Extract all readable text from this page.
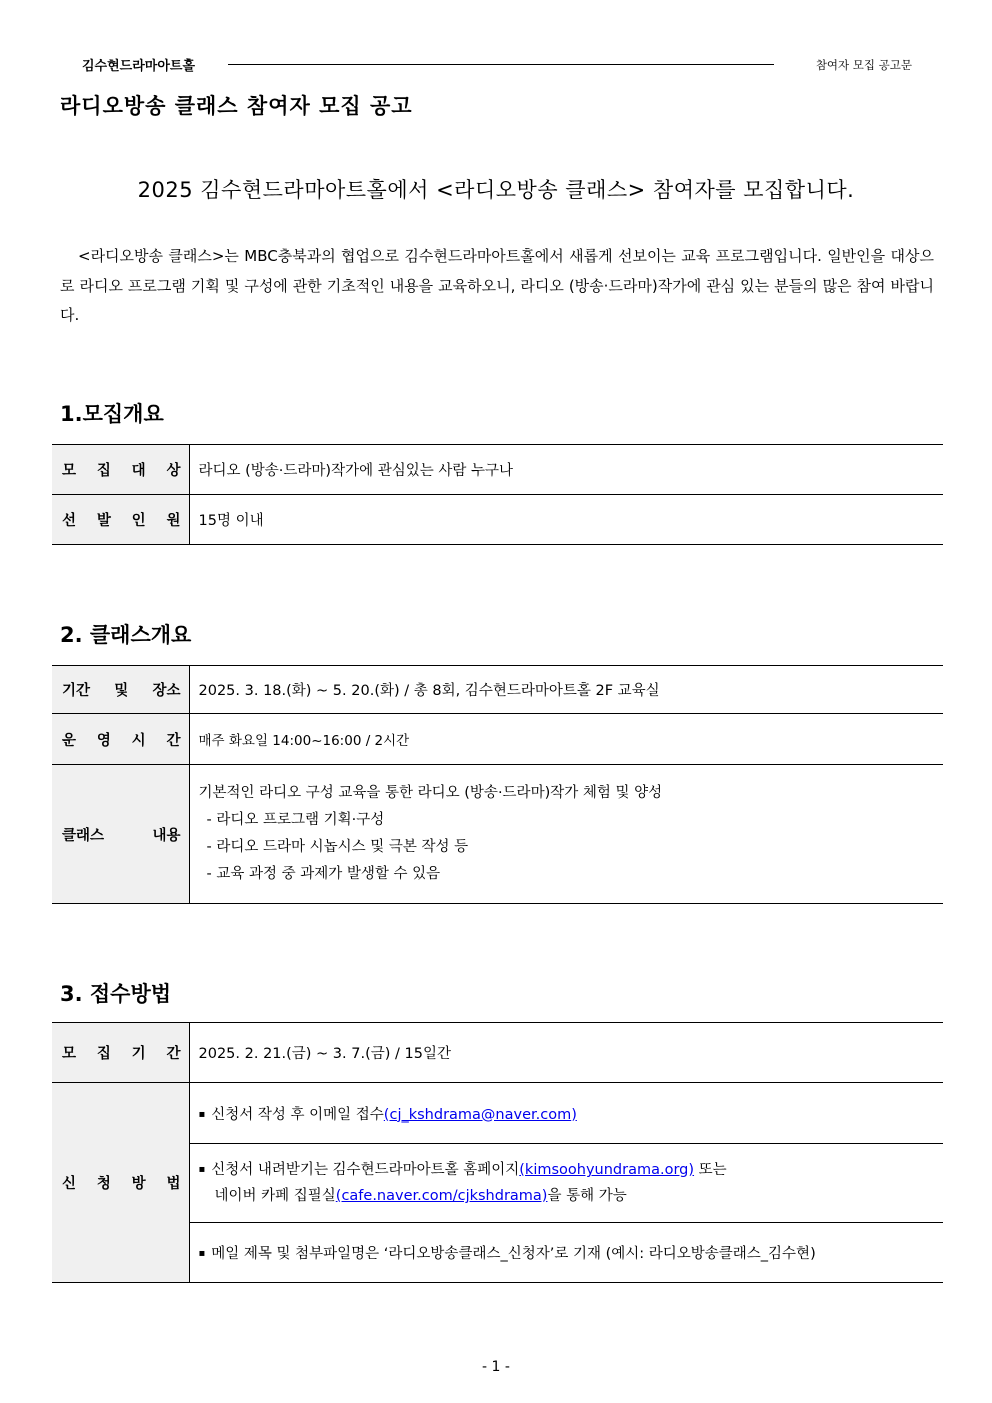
김수현드라마아트홀	참여자 모집 공고문
라디오방송 클래스 참여자 모집 공고
2025 김수현드라마아트홀에서 <라디오방송 클래스> 참여자를 모집합니다.

<라디오방송 클래스>는 MBC충북과의 협업으로 김수현드라마아트홀에서 새롭게 선보이는 교육 프로그램입니다. 일반인을 대상으로 라디오 프로그램 기획 및 구성에 관한 기초적인 내용을 교육하오니, 라디오 (방송·드라마)작가에 관심 있는 분들의 많은 참여 바랍니다.

1.모집개요
모 집 대 상	라디오 (방송·드라마)작가에 관심있는 사람 누구나
선 발 인 원	15명 이내
2. 클래스개요
기간 및 장소	2025. 3. 18.(화) ~ 5. 20.(화) / 총 8회, 김수현드라마아트홀 2F 교육실
운 영 시 간	매주 화요일 14:00~16:00 / 2시간
클래스 내용	기본적인 라디오 구성 교육을 통한 라디오 (방송·드라마)작가 체험 및 양성
- 라디오 프로그램 기획·구성
- 라디오 드라마 시놉시스 및 극본 작성 등
- 교육 과정 중 과제가 발생할 수 있음
3. 접수방법
모 집 기 간	2025. 2. 21.(금) ~ 3. 7.(금) / 15일간
신 청 방 법	▪ 신청서 작성 후 이메일 접수(cj_kshdrama@naver.com)

	▪ 신청서 내려받기는 김수현드라마아트홀 홈페이지(kimsoohyundrama.org) 또는
네이버 카페 집필실(cafe.naver.com/cjkshdrama)을 통해 가능

	▪ 메일 제목 및 첨부파일명은 ‘라디오방송클래스_신청자’로 기재 (예시: 라디오방송클래스_김수현)
- 1 -
